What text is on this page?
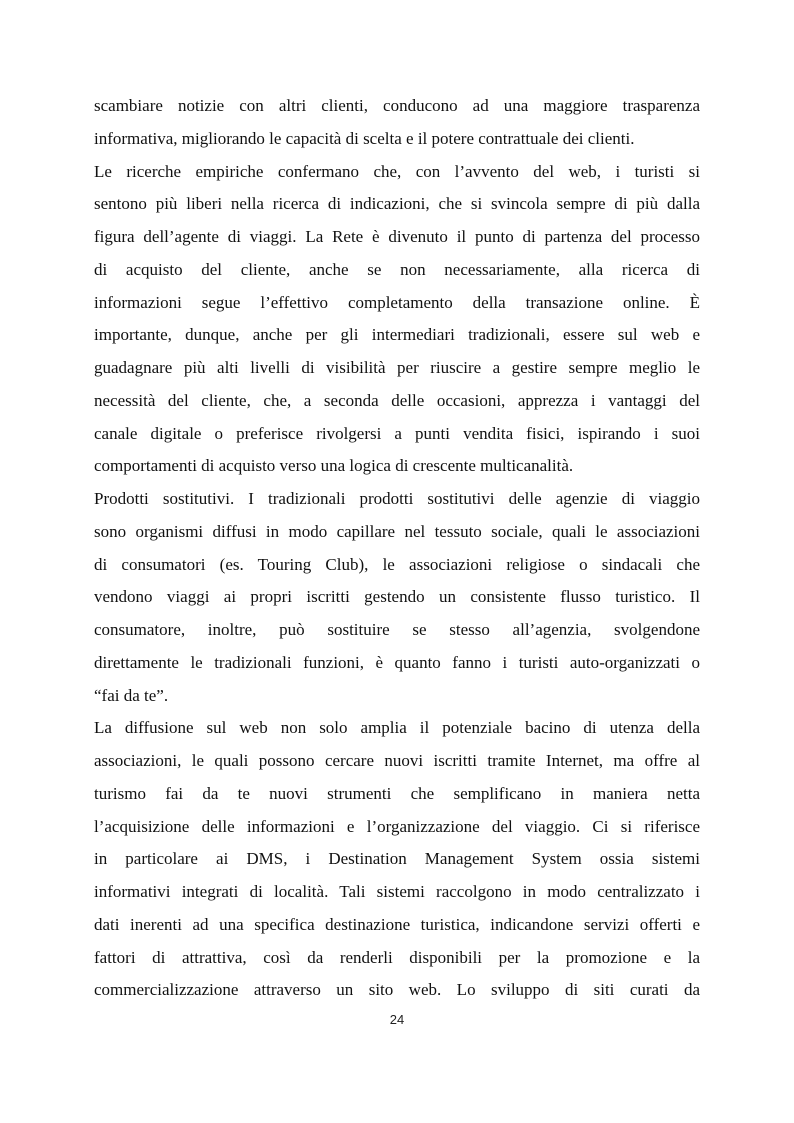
scambiare notizie con altri clienti, conducono ad una maggiore trasparenza
informativa, migliorando le capacità di scelta e il potere contrattuale dei clienti.
Le ricerche empiriche confermano che, con l’avvento del web, i turisti si
sentono più liberi nella ricerca di indicazioni, che si svincola sempre di più dalla
figura dell’agente di viaggi. La Rete è divenuto il punto di partenza del processo
di acquisto del cliente, anche se non necessariamente, alla ricerca di
informazioni segue l’effettivo completamento della transazione online. È
importante, dunque, anche per gli intermediari tradizionali, essere sul web e
guadagnare più alti livelli di visibilità per riuscire a gestire sempre meglio le
necessità del cliente, che, a seconda delle occasioni, apprezza i vantaggi del
canale digitale o preferisce rivolgersi a punti vendita fisici, ispirando i suoi
comportamenti di acquisto verso una logica di crescente multicanalità.
Prodotti sostitutivi. I tradizionali prodotti sostitutivi delle agenzie di viaggio
sono organismi diffusi in modo capillare nel tessuto sociale, quali le associazioni
di consumatori (es. Touring Club), le associazioni religiose o sindacali che
vendono viaggi ai propri iscritti gestendo un consistente flusso turistico. Il
consumatore, inoltre, può sostituire se stesso all’agenzia, svolgendone
direttamente le tradizionali funzioni, è quanto fanno i turisti auto-organizzati o
“fai da te”.
La diffusione sul web non solo amplia il potenziale bacino di utenza della
associazioni, le quali possono cercare nuovi iscritti tramite Internet, ma offre al
turismo fai da te nuovi strumenti che semplificano in maniera netta
l’acquisizione delle informazioni e l’organizzazione del viaggio. Ci si riferisce
in particolare ai DMS, i Destination Management System ossia sistemi
informativi integrati di località. Tali sistemi raccolgono in modo centralizzato i
dati inerenti ad una specifica destinazione turistica, indicandone servizi offerti e
fattori di attrattiva, così da renderli disponibili per la promozione e la
commercializzazione attraverso un sito web. Lo sviluppo di siti curati da
24
